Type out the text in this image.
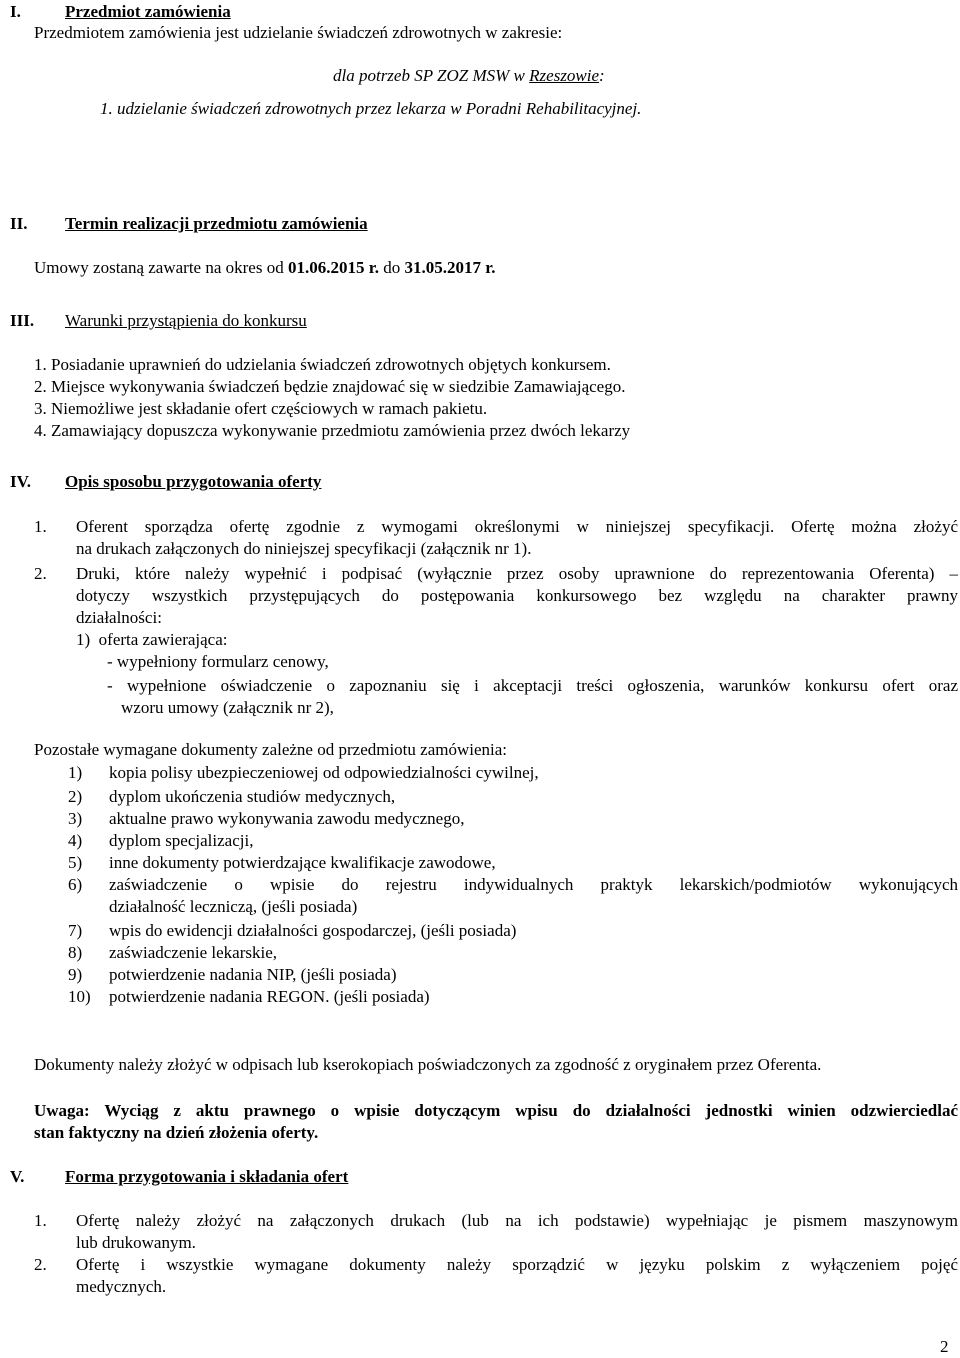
I.	Przedmiot zamówienia
Przedmiotem zamówienia jest udzielanie świadczeń zdrowotnych w zakresie:
dla potrzeb SP ZOZ MSW w Rzeszowie:
1. udzielanie świadczeń zdrowotnych przez lekarza w Poradni Rehabilitacyjnej.
II. Termin realizacji przedmiotu zamówienia
Umowy zostaną zawarte na okres od 01.06.2015 r. do 31.05.2017 r.
III. Warunki przystąpienia do konkursu
1. Posiadanie uprawnień do udzielania świadczeń zdrowotnych objętych konkursem.
2. Miejsce wykonywania świadczeń będzie znajdować się w siedzibie Zamawiającego.
3. Niemożliwe jest składanie ofert częściowych w ramach pakietu.
4. Zamawiający dopuszcza wykonywanie przedmiotu zamówienia przez dwóch lekarzy
IV. Opis sposobu przygotowania oferty
1. Oferent sporządza ofertę zgodnie z wymogami określonymi w niniejszej specyfikacji. Ofertę można złożyć
na drukach załączonych do niniejszej specyfikacji (załącznik nr 1).
2. Druki, które należy wypełnić i podpisać (wyłącznie przez osoby uprawnione do reprezentowania Oferenta) –
dotyczy wszystkich przystępujących do postępowania konkursowego bez względu na charakter prawny
działalności:
1) oferta zawierająca:
- wypełniony formularz cenowy,
- wypełnione oświadczenie o zapoznaniu się i akceptacji treści ogłoszenia, warunków konkursu ofert oraz
wzoru umowy (załącznik nr 2),
Pozostałe wymagane dokumenty zależne od przedmiotu zamówienia:
1) kopia polisy ubezpieczeniowej od odpowiedzialności cywilnej,
2) dyplom ukończenia studiów medycznych,
3) aktualne prawo wykonywania zawodu medycznego,
4) dyplom specjalizacji,
5) inne dokumenty potwierdzające kwalifikacje zawodowe,
6) zaświadczenie o wpisie do rejestru indywidualnych praktyk lekarskich/podmiotów wykonujących
działalność leczniczą, (jeśli posiada)
7) wpis do ewidencji działalności gospodarczej, (jeśli posiada)
8) zaświadczenie lekarskie,
9) potwierdzenie nadania NIP, (jeśli posiada)
10) potwierdzenie nadania REGON. (jeśli posiada)
Dokumenty należy złożyć w odpisach lub kserokopiach poświadczonych za zgodność z oryginałem przez Oferenta.
Uwaga: Wyciąg z aktu prawnego o wpisie dotyczącym wpisu do działalności jednostki winien odzwierciedlać
stan faktyczny na dzień złożenia oferty.
V. Forma przygotowania i składania ofert
1. Ofertę należy złożyć na załączonych drukach (lub na ich podstawie) wypełniając je pismem maszynowym
lub drukowanym.
2. Ofertę i wszystkie wymagane dokumenty należy sporządzić w języku polskim z wyłączeniem pojęć
medycznych.
2
